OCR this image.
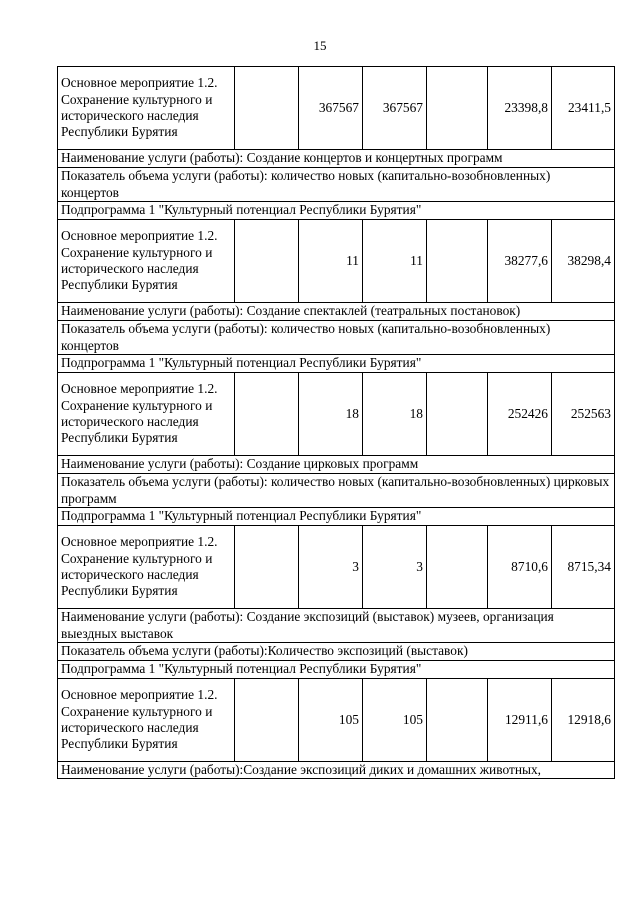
15
Основное мероприятие 1.2. Сохранение культурного и исторического наследия Республики Бурятия		367567	367567		23398,8	23411,5
Наименование услуги (работы): Создание концертов и концертных программ						
Показатель объема услуги (работы): количество новых (капитально-возобновленных) концертов						
Подпрограмма 1 "Культурный потенциал Республики Бурятия"						
Основное мероприятие 1.2. Сохранение культурного и исторического наследия Республики Бурятия		11	11		38277,6	38298,4
Наименование услуги (работы): Создание спектаклей (театральных постановок)						
Показатель объема услуги (работы): количество новых (капитально-возобновленных) концертов						
Подпрограмма 1 "Культурный потенциал Республики Бурятия"						
Основное мероприятие 1.2. Сохранение культурного и исторического наследия Республики Бурятия		18	18		252426	252563
Наименование услуги (работы): Создание цирковых программ						
Показатель объема услуги (работы): количество новых (капитально-возобновленных) цирковых программ						
Подпрограмма 1 "Культурный потенциал Республики Бурятия"						
Основное мероприятие 1.2. Сохранение культурного и исторического наследия Республики Бурятия		3	3		8710,6	8715,34
Наименование услуги (работы): Создание экспозиций (выставок) музеев, организация выездных выставок						
Показатель объема услуги (работы):Количество экспозиций (выставок)						
Подпрограмма 1 "Культурный потенциал Республики Бурятия"						
Основное мероприятие 1.2. Сохранение культурного и исторического наследия Республики Бурятия		105	105		12911,6	12918,6
Наименование услуги (работы):Создание экспозиций диких и домашних животных,						
